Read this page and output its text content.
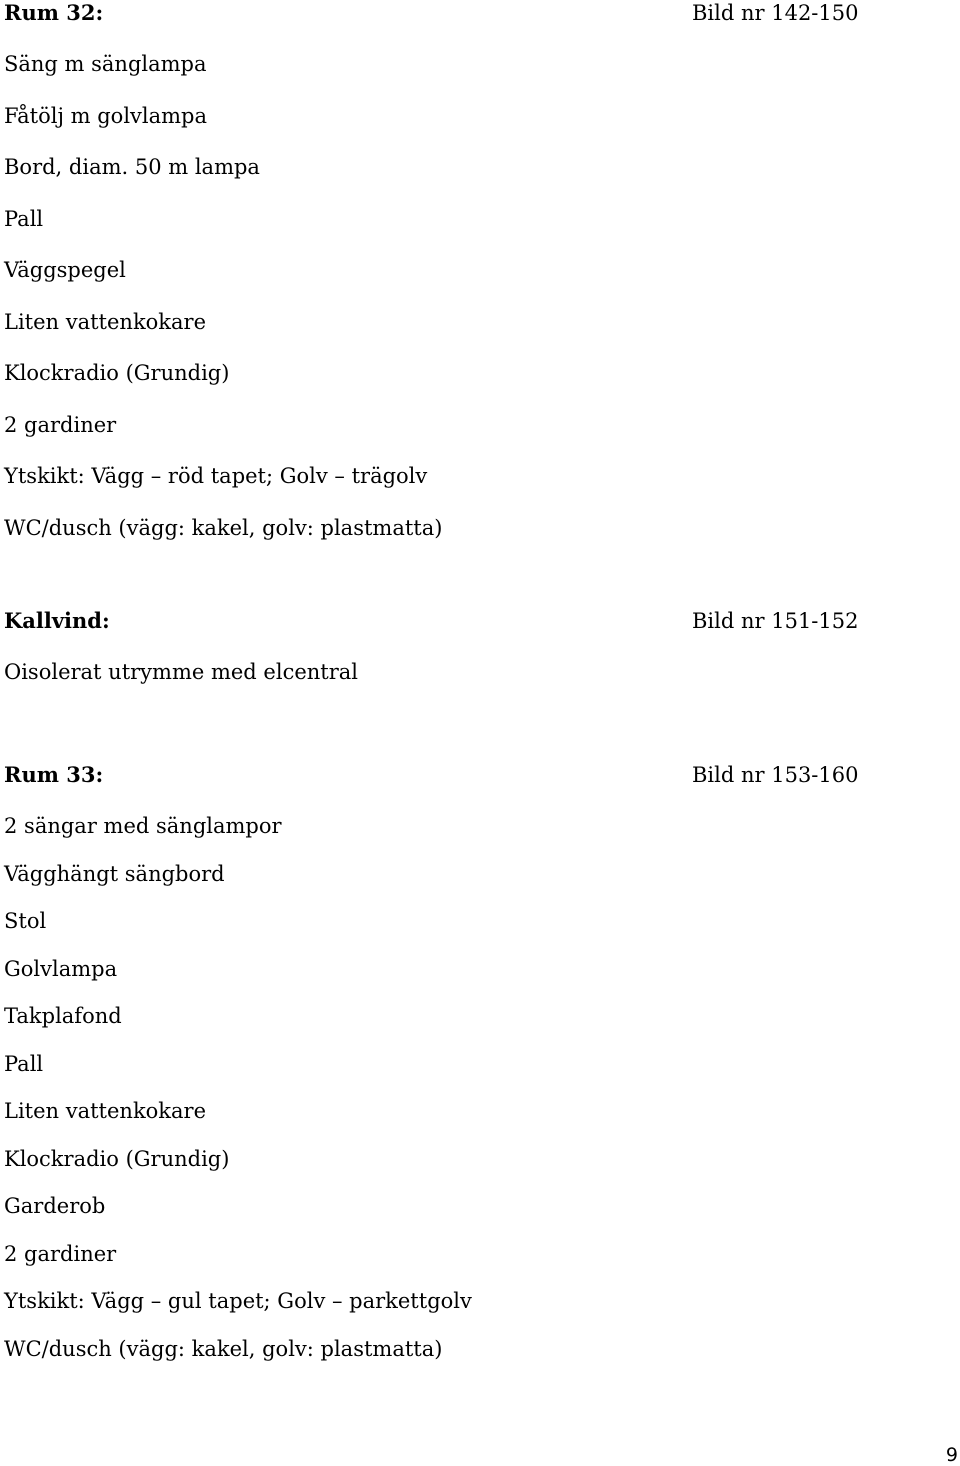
Rum 32:	Bild nr 142-150
Säng m sänglampa
Fåtölj m golvlampa
Bord, diam. 50 m lampa
Pall
Väggspegel
Liten vattenkokare
Klockradio (Grundig)
2 gardiner
Ytskikt: Vägg – röd tapet; Golv – trägolv
WC/dusch (vägg: kakel, golv: plastmatta)
Kallvind:	Bild nr 151-152
Oisolerat utrymme med elcentral
Rum 33:	Bild nr 153-160
2 sängar med sänglampor
Vägghängt sängbord
Stol
Golvlampa
Takplafond
Pall
Liten vattenkokare
Klockradio (Grundig)
Garderob
2 gardiner
Ytskikt: Vägg – gul tapet; Golv – parkettgolv
WC/dusch (vägg: kakel, golv: plastmatta)
9
